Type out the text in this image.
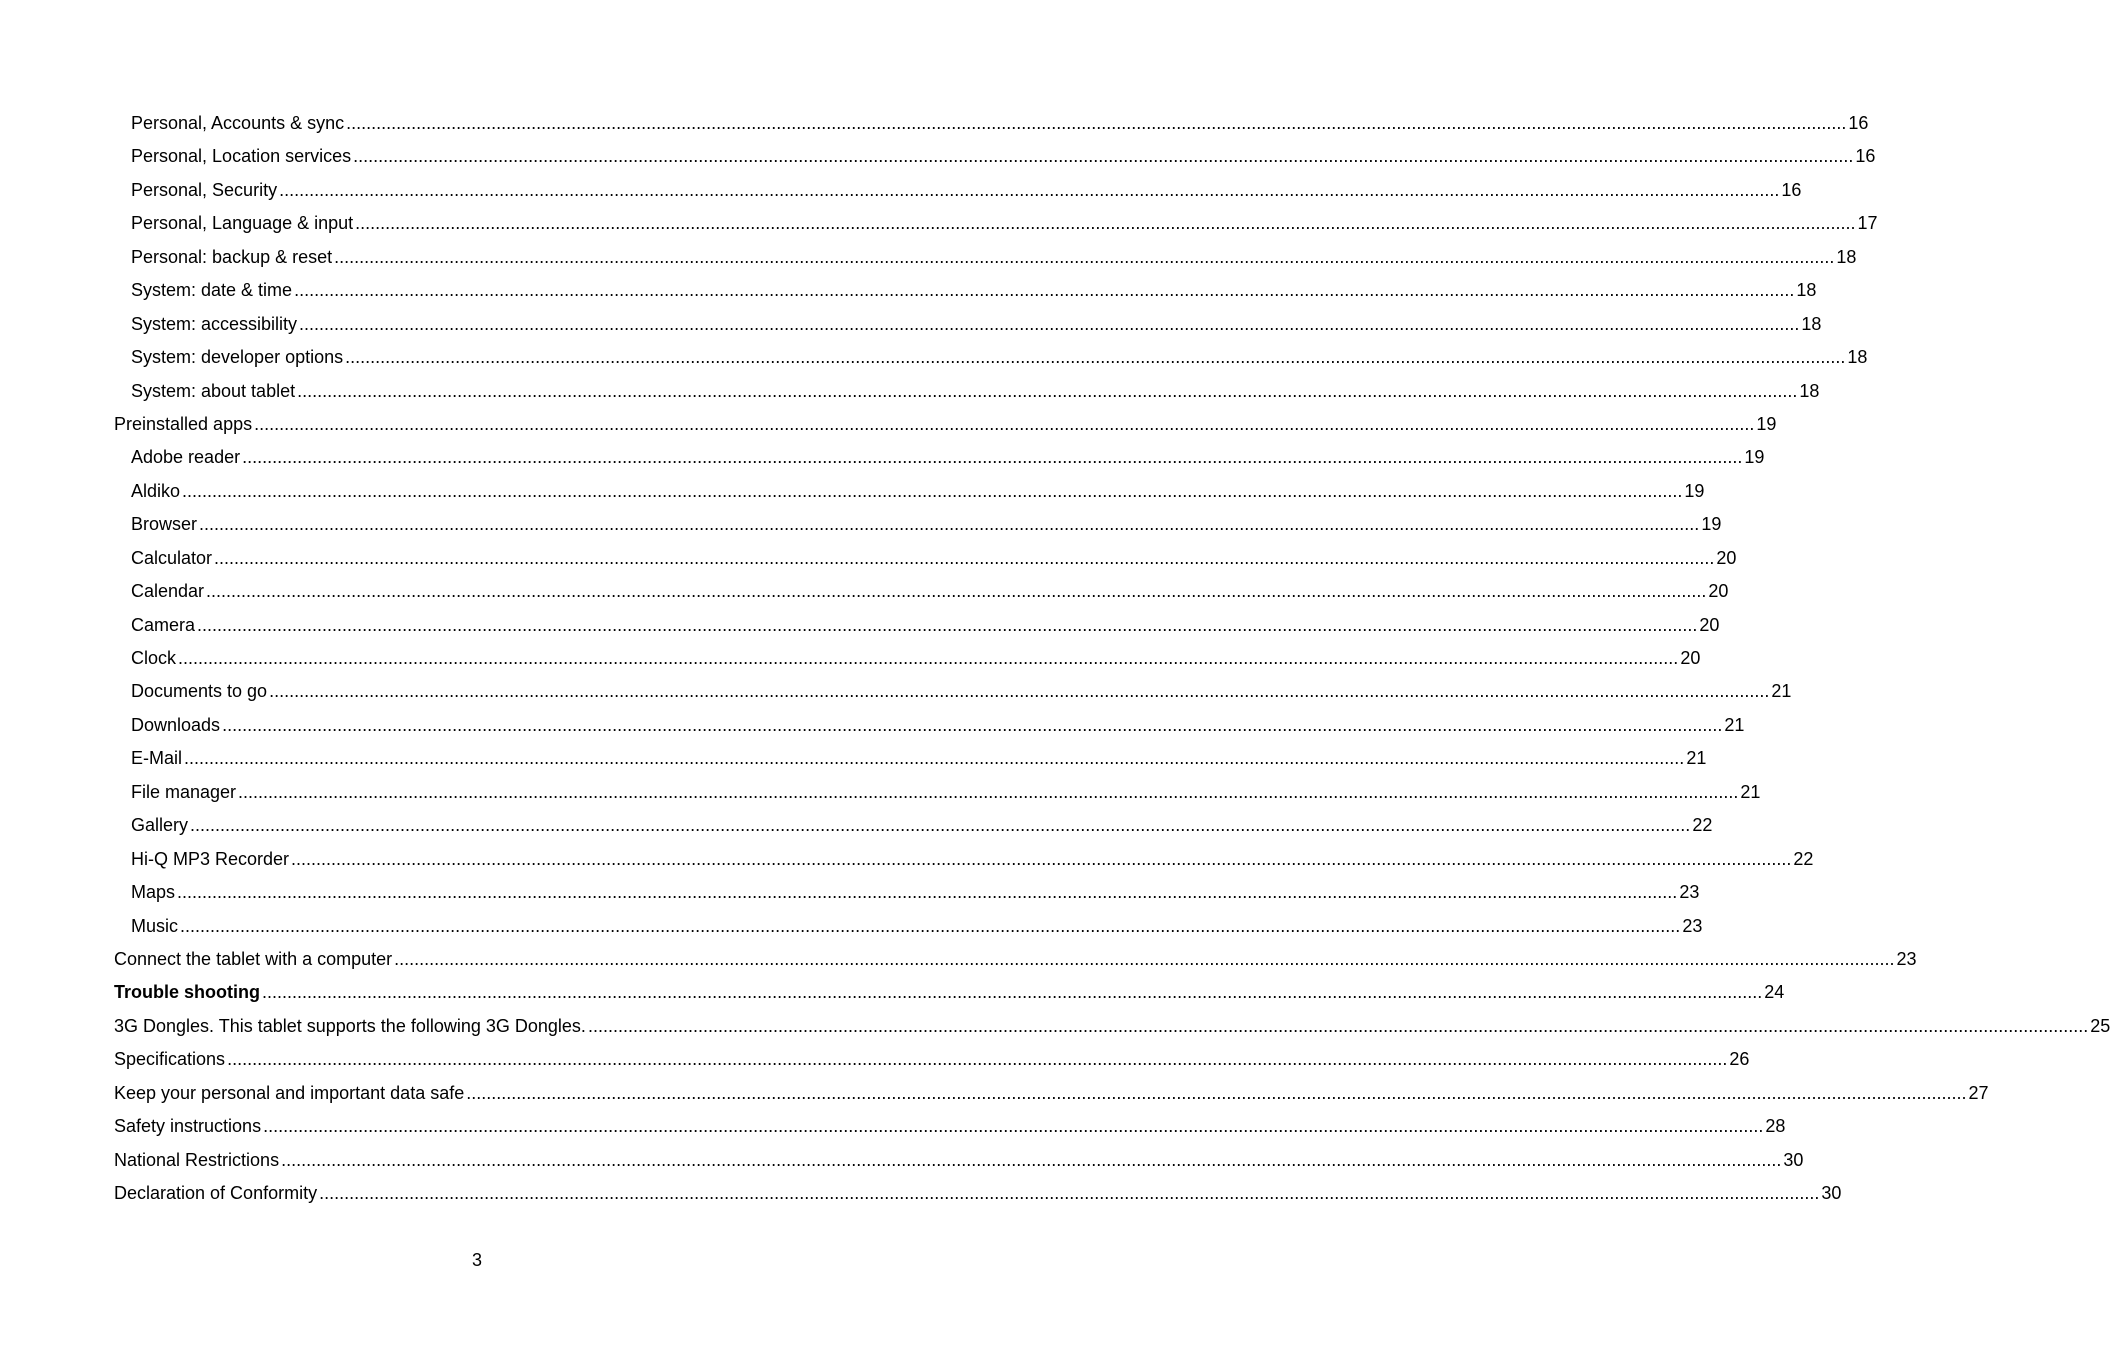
Personal, Accounts & sync ............................................................................................................................................................................................................................................................................................................ 16
Personal, Location services ............................................................................................................................................................................................................................................................................................................ 16
Personal, Security ............................................................................................................................................................................................................................................................................................................ 16
Personal, Language & input ............................................................................................................................................................................................................................................................................................................ 17
Personal: backup & reset ............................................................................................................................................................................................................................................................................................................ 18
System: date & time ............................................................................................................................................................................................................................................................................................................ 18
System: accessibility ............................................................................................................................................................................................................................................................................................................ 18
System: developer options ............................................................................................................................................................................................................................................................................................................ 18
System: about tablet ............................................................................................................................................................................................................................................................................................................ 18
Preinstalled apps ............................................................................................................................................................................................................................................................................................................ 19
Adobe reader ............................................................................................................................................................................................................................................................................................................ 19
Aldiko ............................................................................................................................................................................................................................................................................................................ 19
Browser ............................................................................................................................................................................................................................................................................................................ 19
Calculator ............................................................................................................................................................................................................................................................................................................ 20
Calendar ............................................................................................................................................................................................................................................................................................................ 20
Camera ............................................................................................................................................................................................................................................................................................................ 20
Clock ............................................................................................................................................................................................................................................................................................................ 20
Documents to go ............................................................................................................................................................................................................................................................................................................ 21
Downloads ............................................................................................................................................................................................................................................................................................................ 21
E-Mail ............................................................................................................................................................................................................................................................................................................ 21
File manager ............................................................................................................................................................................................................................................................................................................ 21
Gallery ............................................................................................................................................................................................................................................................................................................ 22
Hi-Q MP3 Recorder ............................................................................................................................................................................................................................................................................................................ 22
Maps ............................................................................................................................................................................................................................................................................................................ 23
Music ............................................................................................................................................................................................................................................................................................................ 23
Connect the tablet with a computer ............................................................................................................................................................................................................................................................................................................ 23
Trouble shooting ............................................................................................................................................................................................................................................................................................................ 24
3G Dongles. This tablet supports the following 3G Dongles. ............................................................................................................................................................................................................................................................................................................ 25
Specifications ............................................................................................................................................................................................................................................................................................................ 26
Keep your personal and important data safe ............................................................................................................................................................................................................................................................................................................ 27
Safety instructions ............................................................................................................................................................................................................................................................................................................ 28
National Restrictions ............................................................................................................................................................................................................................................................................................................ 30
Declaration of Conformity ............................................................................................................................................................................................................................................................................................................ 30
3
